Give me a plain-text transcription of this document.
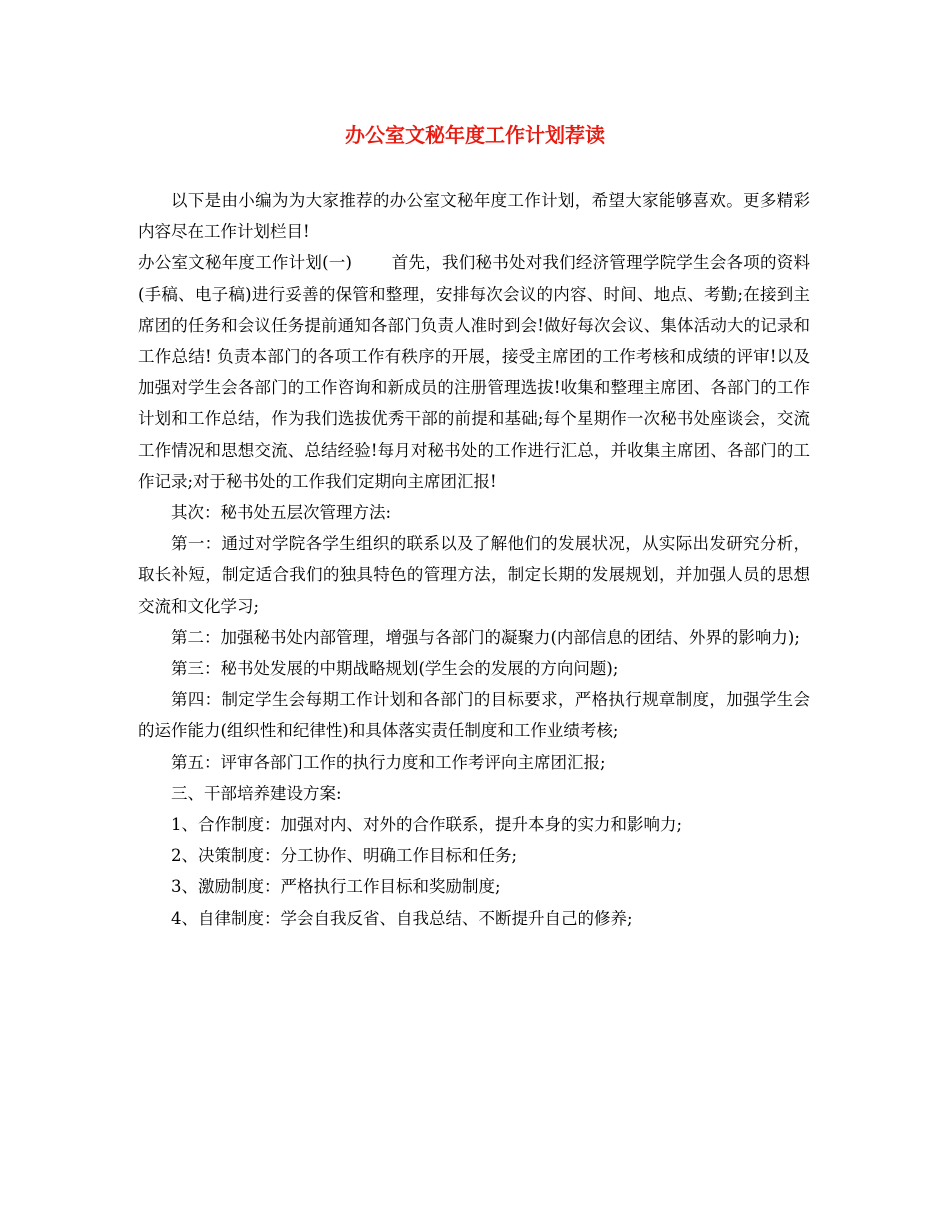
办公室文秘年度工作计划荐读

以下是由小编为为大家推荐的办公室文秘年度工作计划，希望大家能够喜欢。更多精彩内容尽在工作计划栏目!

办公室文秘年度工作计划(一) 首先，我们秘书处对我们经济管理学院学生会各项的资料(手稿、电子稿)进行妥善的保管和整理，安排每次会议的内容、时间、地点、考勤;在接到主席团的任务和会议任务提前通知各部门负责人准时到会!做好每次会议、集体活动大的记录和工作总结! 负责本部门的各项工作有秩序的开展，接受主席团的工作考核和成绩的评审!以及加强对学生会各部门的工作咨询和新成员的注册管理选拔!收集和整理主席团、各部门的工作计划和工作总结，作为我们选拔优秀干部的前提和基础;每个星期作一次秘书处座谈会，交流工作情况和思想交流、总结经验!每月对秘书处的工作进行汇总，并收集主席团、各部门的工作记录;对于秘书处的工作我们定期向主席团汇报!

其次：秘书处五层次管理方法:

第一：通过对学院各学生组织的联系以及了解他们的发展状况，从实际出发研究分析，取长补短，制定适合我们的独具特色的管理方法，制定长期的发展规划，并加强人员的思想交流和文化学习;

第二：加强秘书处内部管理，增强与各部门的凝聚力(内部信息的团结、外界的影响力);

第三：秘书处发展的中期战略规划(学生会的发展的方向问题);

第四：制定学生会每期工作计划和各部门的目标要求，严格执行规章制度，加强学生会的运作能力(组织性和纪律性)和具体落实责任制度和工作业绩考核;

第五：评审各部门工作的执行力度和工作考评向主席团汇报;

三、干部培养建设方案:

1、合作制度：加强对内、对外的合作联系，提升本身的实力和影响力;

2、决策制度：分工协作、明确工作目标和任务;

3、激励制度：严格执行工作目标和奖励制度;

4、自律制度：学会自我反省、自我总结、不断提升自己的修养;
